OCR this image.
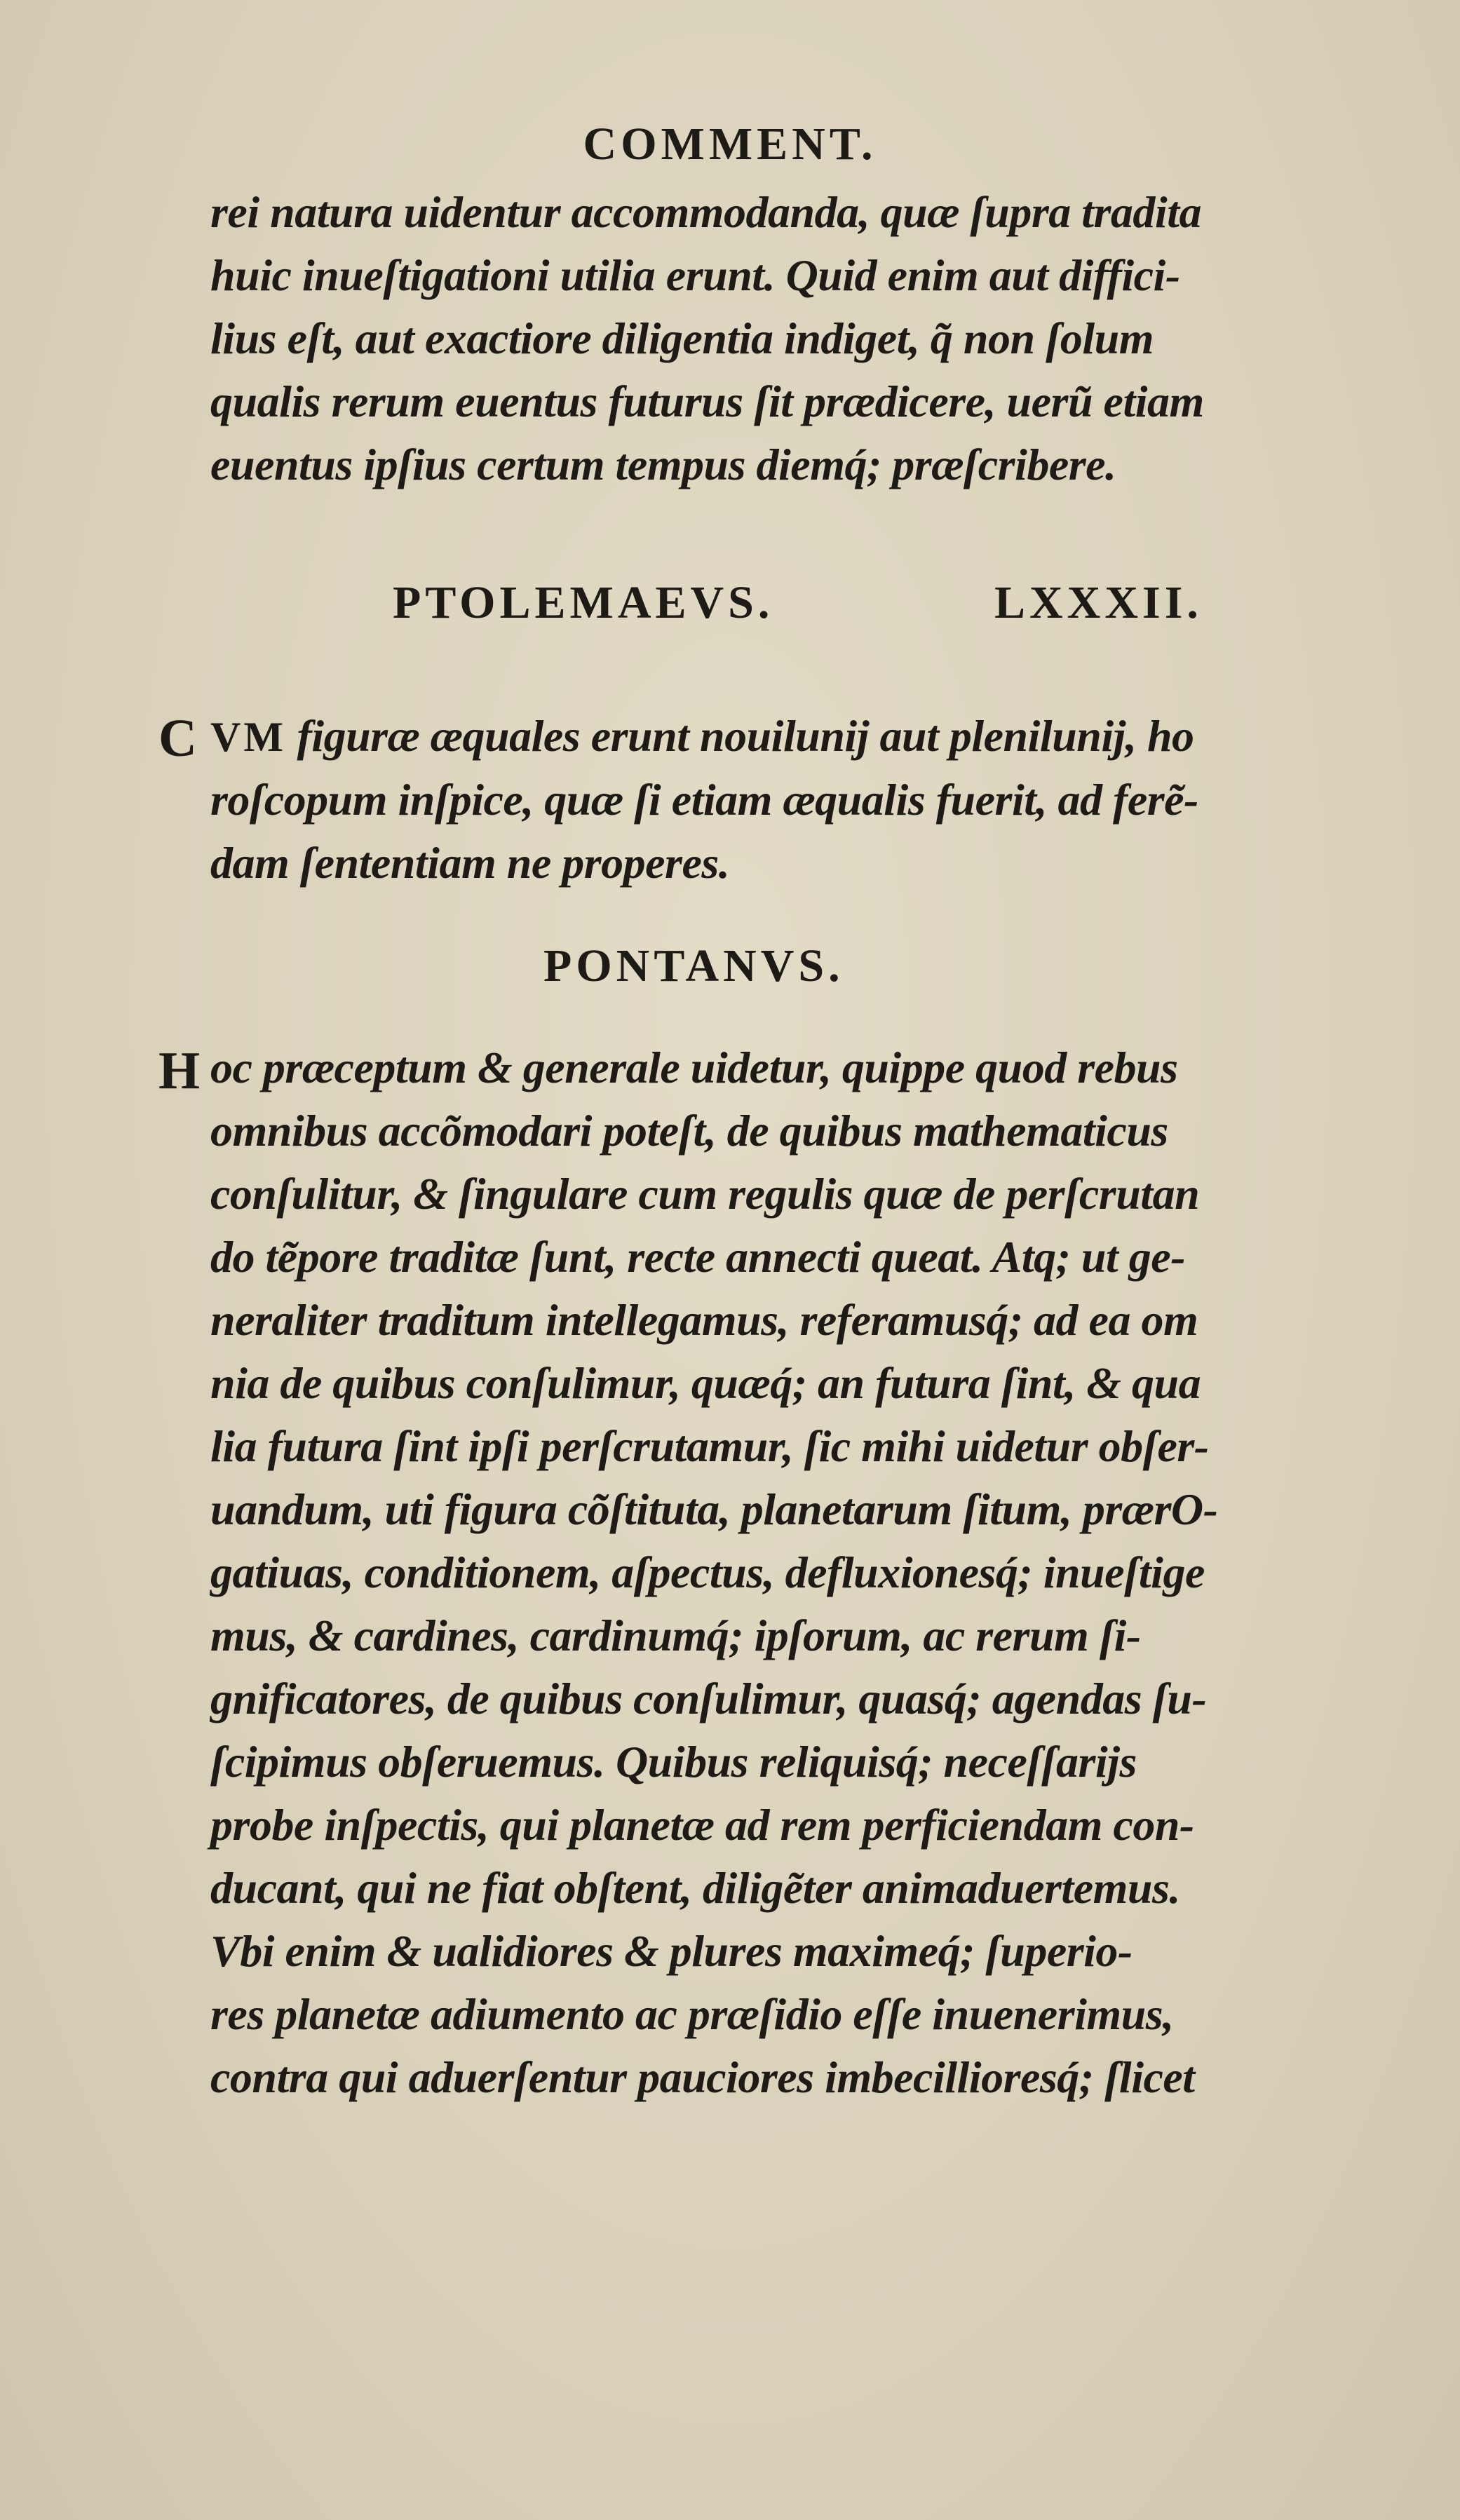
COMMENT.
rei natura uidentur accommodanda, quæ ſupra tradita
huic inueſtigationi utilia erunt. Quid enim aut diffici-
lius eſt, aut exactiore diligentia indiget, q̃ non ſolum
qualis rerum euentus futurus ſit prædicere, uerũ etiam
euentus ipſius certum tempus diemq́; præſcribere.
PTOLEMAEVS.	LXXXII.
C VM figuræ æquales erunt nouilunij aut plenilunij, ho
roſcopum inſpice, quæ ſi etiam æqualis fuerit, ad ferẽ-
dam ſententiam ne properes.
PONTANVS.
H oc præceptum & generale uidetur, quippe quod rebus
omnibus accõmodari poteſt, de quibus mathematicus
conſulitur, & ſingulare cum regulis quæ de perſcrutan
do tẽpore traditæ ſunt, recte annecti queat. Atq; ut ge-
neraliter traditum intellegamus, referamusq́; ad ea om
nia de quibus conſulimur, quæq́; an futura ſint, & qua
lia futura ſint ipſi perſcrutamur, ſic mihi uidetur obſer-
uandum, uti figura cõſtituta, planetarum ſitum, prærO-
gatiuas, conditionem, aſpectus, defluxionesq́; inueſtige
mus, & cardines, cardinumq́; ipſorum, ac rerum ſi-
gnificatores, de quibus conſulimur, quasq́; agendas ſu-
ſcipimus obſeruemus. Quibus reliquisq́; neceſſarijs
probe inſpectis, qui planetæ ad rem perficiendam con-
ducant, qui ne fiat obſtent, diligẽter animaduertemus.
Vbi enim & ualidiores & plures maximeq́; ſuperio-
res planetæ adiumento ac præſidio eſſe inuenerimus,
contra qui aduerſentur pauciores imbecillioresq́; ſlicet
